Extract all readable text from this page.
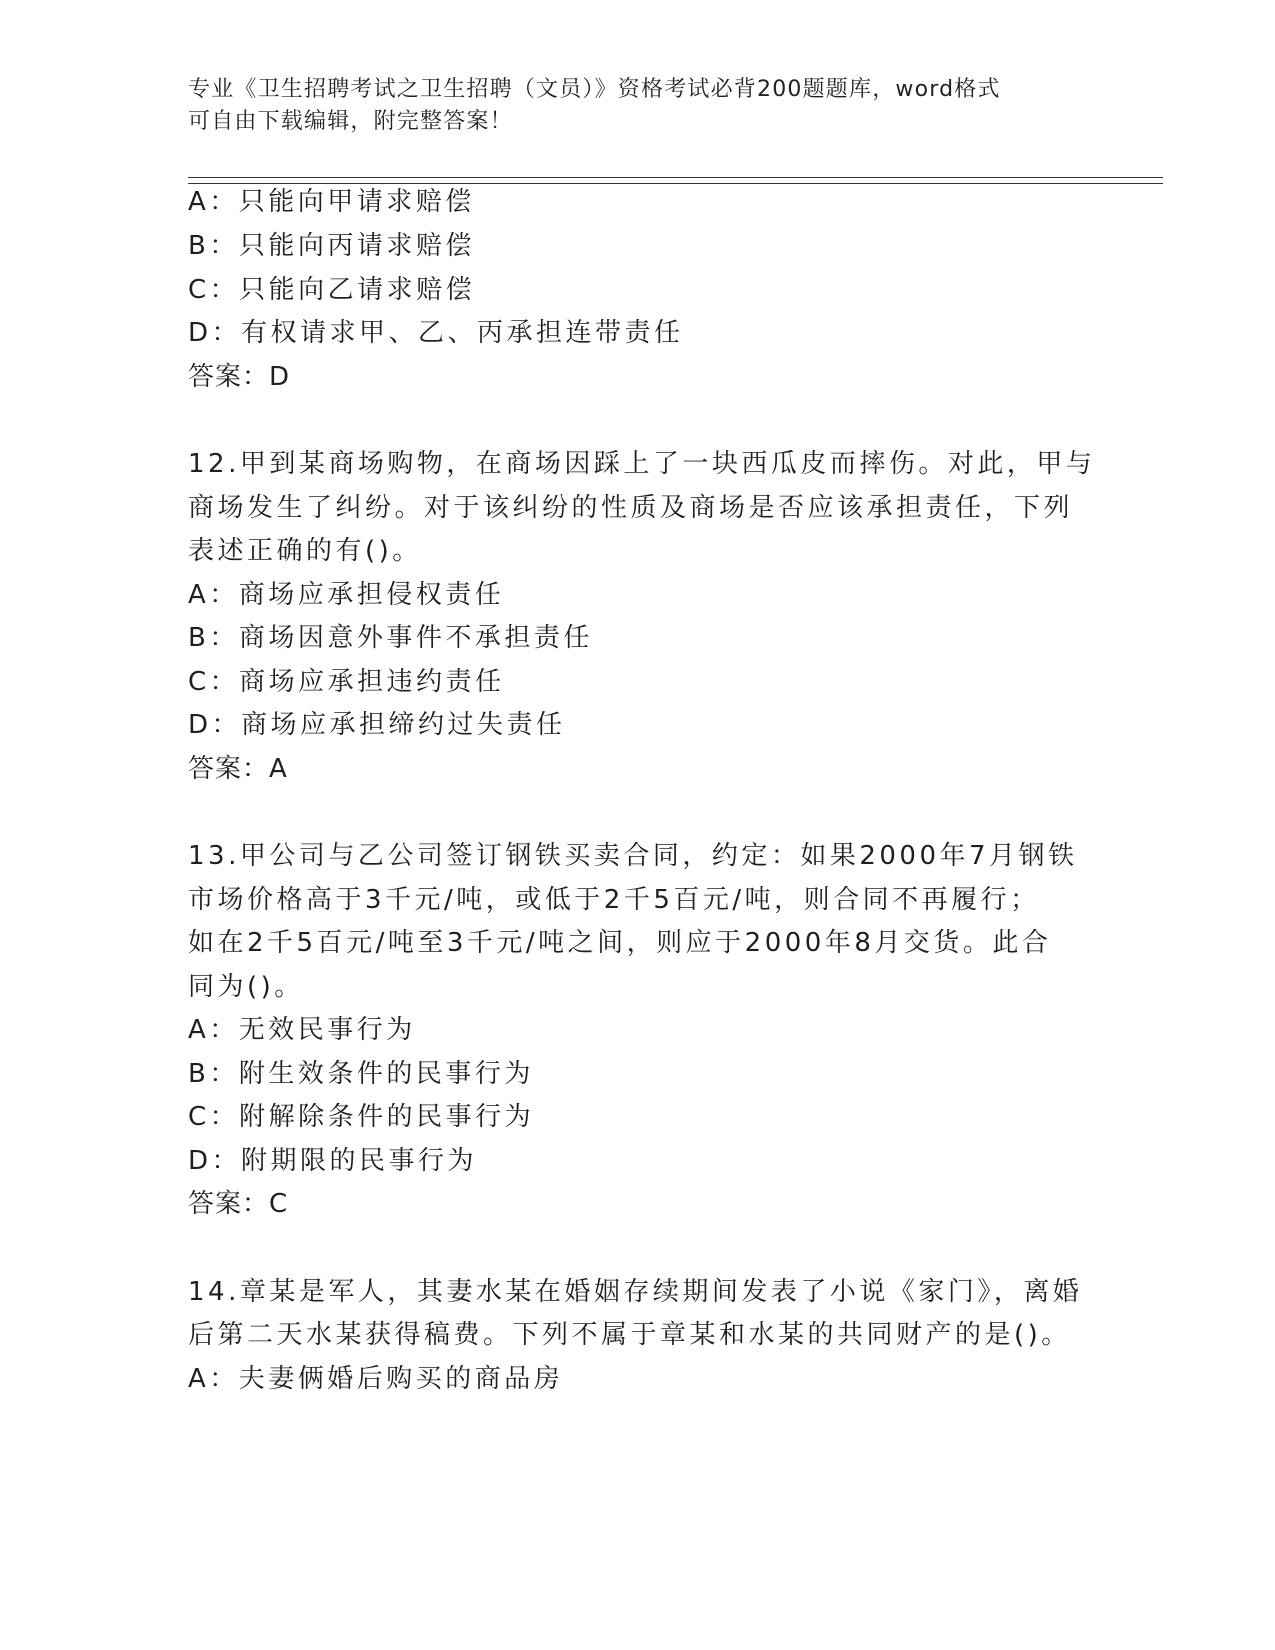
专业《卫生招聘考试之卫生招聘（文员）》资格考试必背200题题库，word格式
可自由下载编辑，附完整答案！
A：只能向甲请求赔偿
B：只能向丙请求赔偿
C：只能向乙请求赔偿
D：有权请求甲、乙、丙承担连带责任
答案：D
12.甲到某商场购物，在商场因踩上了一块西瓜皮而摔伤。对此，甲与
商场发生了纠纷。对于该纠纷的性质及商场是否应该承担责任，下列
表述正确的有()。
A：商场应承担侵权责任
B：商场因意外事件不承担责任
C：商场应承担违约责任
D：商场应承担缔约过失责任
答案：A
13.甲公司与乙公司签订钢铁买卖合同，约定：如果2000年7月钢铁
市场价格高于3千元/吨，或低于2千5百元/吨，则合同不再履行；
如在2千5百元/吨至3千元/吨之间，则应于2000年8月交货。此合
同为()。
A：无效民事行为
B：附生效条件的民事行为
C：附解除条件的民事行为
D：附期限的民事行为
答案：C
14.章某是军人，其妻水某在婚姻存续期间发表了小说《家门》，离婚
后第二天水某获得稿费。下列不属于章某和水某的共同财产的是()。
A：夫妻俩婚后购买的商品房
